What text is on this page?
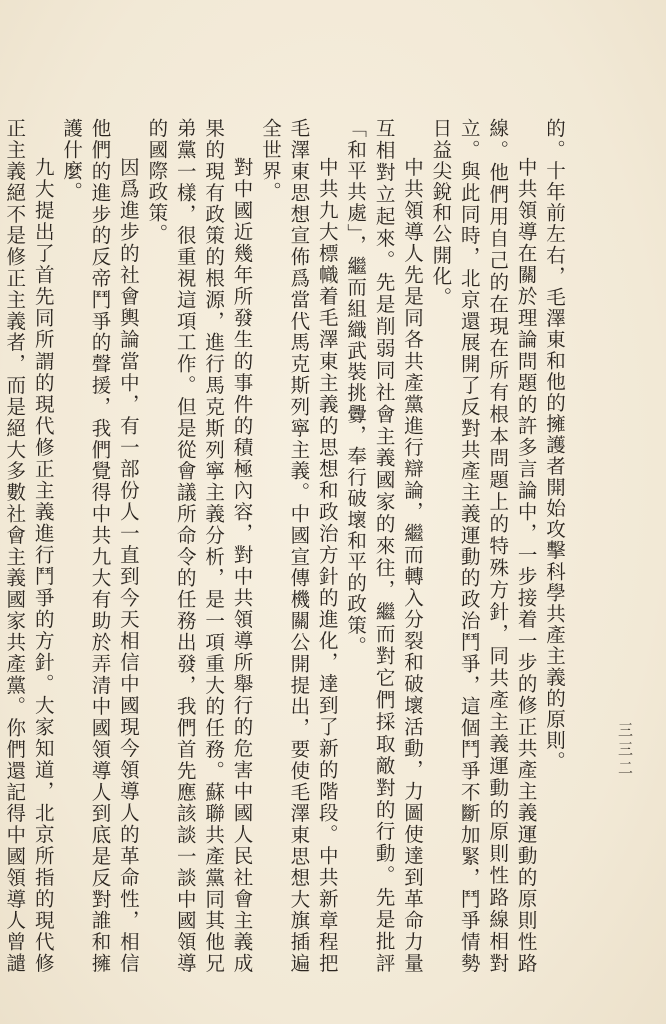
三三二

的。十年前左右，毛澤東和他的擁護者開始攻擊科學共產主義的原則。

中共領導在關於理論問題的許多言論中，一步接着一步的修正共產主義運動的原則性路線。他們用自己的在現在所有根本問題上的特殊方針，同共產主義運動的原則性路線相對立。與此同時，北京還展開了反對共產主義運動的政治鬥爭，這個鬥爭不斷加緊，鬥爭情勢日益尖銳和公開化。

中共領導人先是同各共產黨進行辯論，繼而轉入分裂和破壞活動，力圖使達到革命力量互相對立起來。先是削弱同社會主義國家的來往，繼而對它們採取敵對的行動。先是批評「和平共處」，繼而組織武裝挑釁，奉行破壞和平的政策。

中共九大標幟着毛澤東主義的思想和政治方針的進化，達到了新的階段。中共新章程把毛澤東思想宣佈爲當代馬克斯列寧主義。中國宣傳機關公開提出，要使毛澤東思想大旗插遍全世界。

對中國近幾年所發生的事件的積極內容，對中共領導所舉行的危害中國人民社會主義成果的現有政策的根源，進行馬克斯列寧主義分析，是一項重大的任務。蘇聯共產黨同其他兄弟黨一樣，很重視這項工作。但是從會議所命令的任務出發，我們首先應該談一談中國領導的國際政策。

因爲進步的社會輿論當中，有一部份人一直到今天相信中國現今領導人的革命性，相信他們的進步的反帝鬥爭的聲援，我們覺得中共九大有助於弄清中國領導人到底是反對誰和擁護什麼。

九大提出了首先同所謂的現代修正主義進行鬥爭的方針。大家知道，北京所指的現代修正主義絕不是修正主義者，而是絕大多數社會主義國家共產黨。你們還記得中國領導人曾譴
